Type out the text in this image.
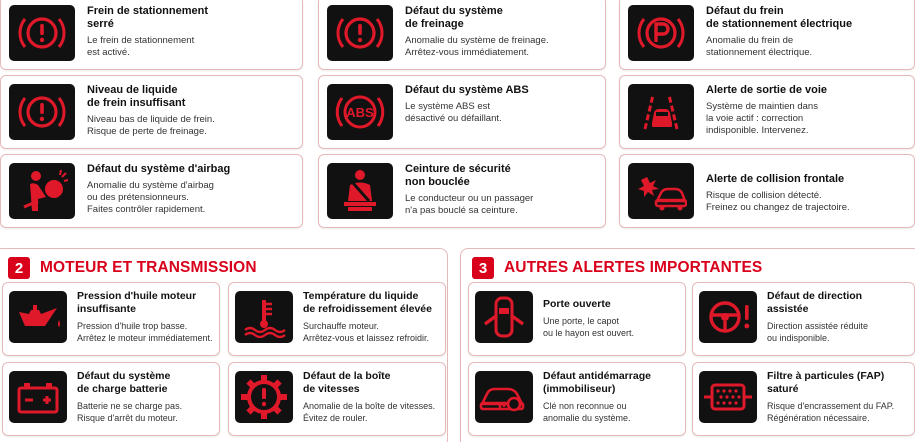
Frein de stationnement
serré
Le frein de stationnement
est activé.
Défaut du système
de freinage
Anomalie du système de freinage.
Arrêtez-vous immédiatement.
Défaut du frein
de stationnement électrique
Anomalie du frein de
stationnement électrique.
Niveau de liquide
de frein insuffisant
Niveau bas de liquide de frein.
Risque de perte de freinage.
ABS
Défaut du système ABS
Le système ABS est
désactivé ou défaillant.
Alerte de sortie de voie
Système de maintien dans
la voie actif : correction
indisponible. Intervenez.
Défaut du système d'airbag
Anomalie du système d'airbag
ou des prétensionneurs.
Faites contrôler rapidement.
Ceinture de sécurité
non bouclée
Le conducteur ou un passager
n'a pas bouclé sa ceinture.
Alerte de collision frontale
Risque de collision détecté.
Freinez ou changez de trajectoire.
2	MOTEUR ET TRANSMISSION
Pression d'huile moteur
insuffisante
Pression d'huile trop basse.
Arrêtez le moteur immédiatement.
Température du liquide
de refroidissement élevée
Surchauffe moteur.
Arrêtez-vous et laissez refroidir.
Défaut du système
de charge batterie
Batterie ne se charge pas.
Risque d'arrêt du moteur.
Défaut de la boîte
de vitesses
Anomalie de la boîte de vitesses.
Évitez de rouler.
3	AUTRES ALERTES IMPORTANTES
Porte ouverte
Une porte, le capot
ou le hayon est ouvert.
Défaut de direction
assistée
Direction assistée réduite
ou indisponible.
Défaut antidémarrage
(immobiliseur)
Clé non reconnue ou
anomalie du système.
Filtre à particules (FAP)
saturé
Risque d'encrassement du FAP.
Régénération nécessaire.
